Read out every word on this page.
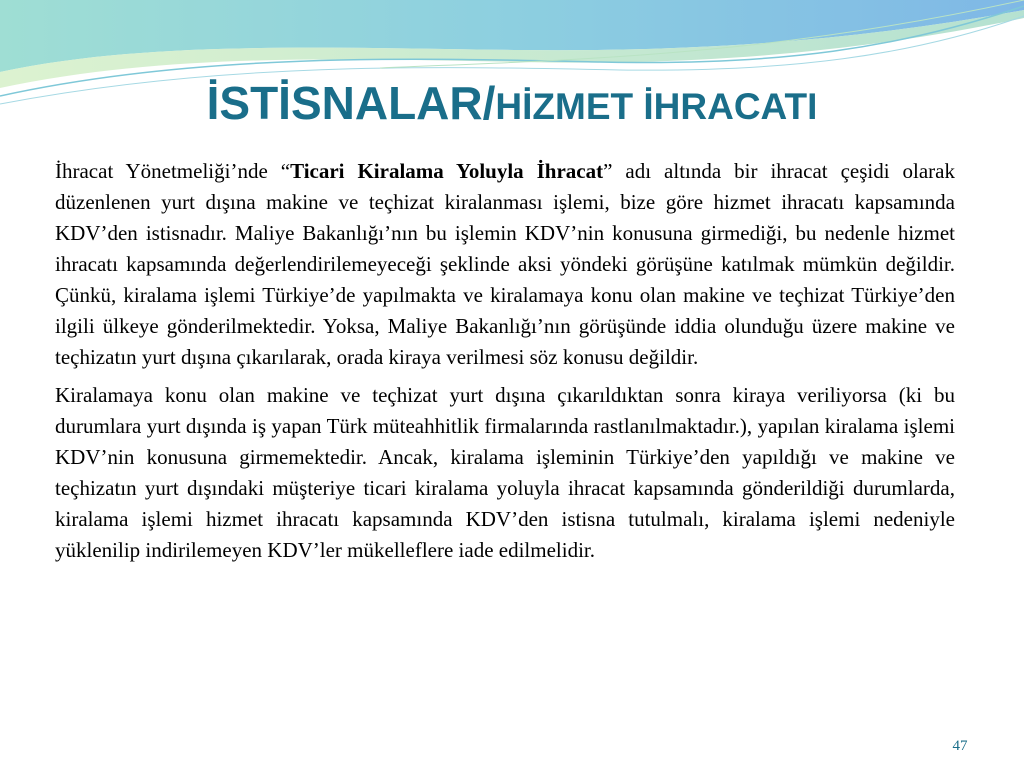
İSTİSNALAR/HİZMET İHRACATI

İhracat Yönetmeliği’nde “Ticari Kiralama Yoluyla İhracat” adı altında bir ihracat çeşidi olarak düzenlenen yurt dışına makine ve teçhizat kiralanması işlemi, bize göre hizmet ihracatı kapsamında KDV’den istisnadır. Maliye Bakanlığı’nın bu işlemin KDV’nin konusuna girmediği, bu nedenle hizmet ihracatı kapsamında değerlendirilemeyeceği şeklinde aksi yöndeki görüşüne katılmak mümkün değildir. Çünkü, kiralama işlemi Türkiye’de yapılmakta ve kiralamaya konu olan makine ve teçhizat Türkiye’den ilgili ülkeye gönderilmektedir. Yoksa, Maliye Bakanlığı’nın görüşünde iddia olunduğu üzere makine ve teçhizatın yurt dışına çıkarılarak, orada kiraya verilmesi söz konusu değildir.

Kiralamaya konu olan makine ve teçhizat yurt dışına çıkarıldıktan sonra kiraya veriliyorsa (ki bu durumlara yurt dışında iş yapan Türk müteahhitlik firmalarında rastlanılmaktadır.), yapılan kiralama işlemi KDV’nin konusuna girmemektedir. Ancak, kiralama işleminin Türkiye’den yapıldığı ve makine ve teçhizatın yurt dışındaki müşteriye ticari kiralama yoluyla ihracat kapsamında gönderildiği durumlarda, kiralama işlemi hizmet ihracatı kapsamında KDV’den istisna tutulmalı, kiralama işlemi nedeniyle yüklenilip indirilemeyen KDV’ler mükelleflere iade edilmelidir.

47
